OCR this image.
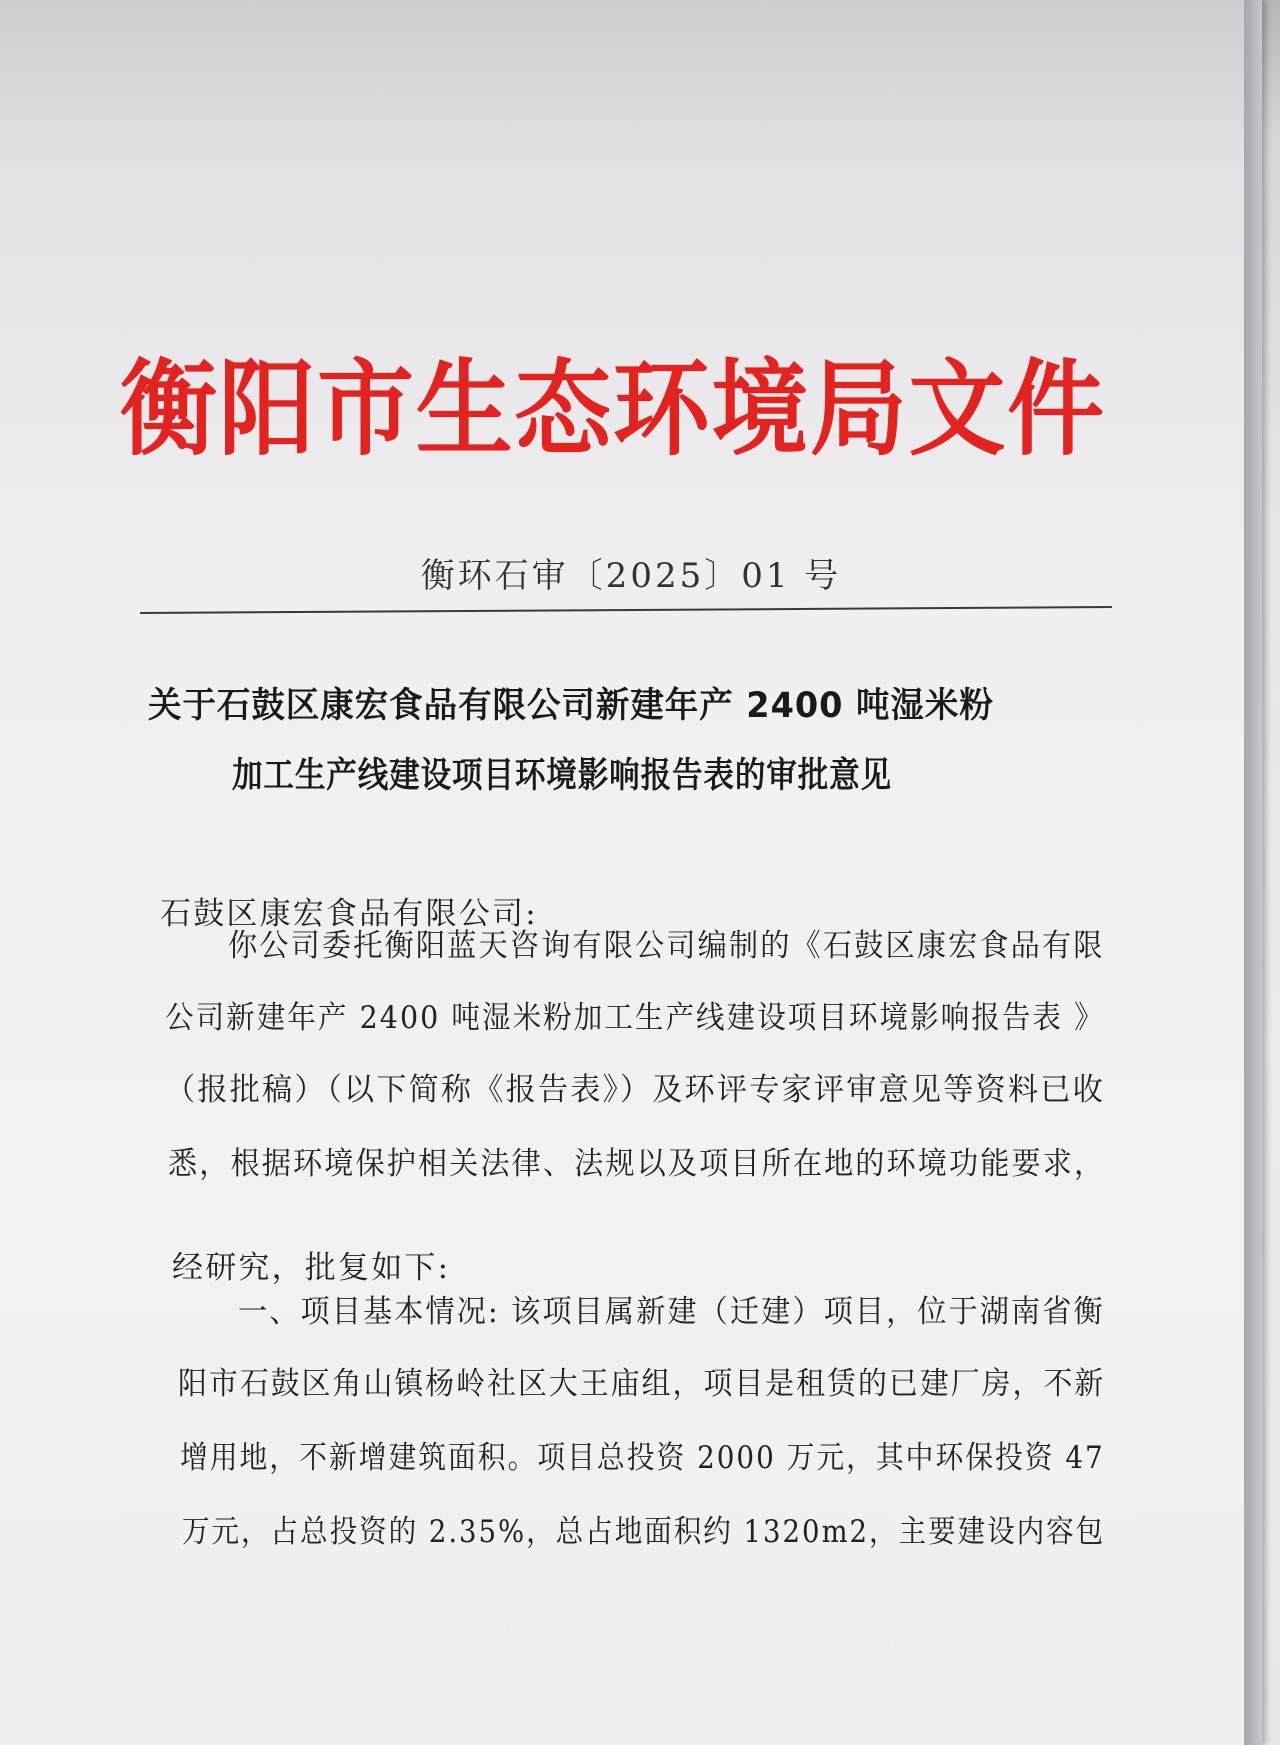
衡阳市生态环境局文件
衡环石审〔2025〕01 号
关于石鼓区康宏食品有限公司新建年产 2400 吨湿米粉
加工生产线建设项目环境影响报告表的审批意见
石鼓区康宏食品有限公司:
你公司委托衡阳蓝天咨询有限公司编制的《石鼓区康宏食品有限
公司新建年产 2400 吨湿米粉加工生产线建设项目环境影响报告表 》
（报批稿）（以下简称《报告表》）及环评专家评审意见等资料已收
悉，根据环境保护相关法律、法规以及项目所在地的环境功能要求，
经研究，批复如下:
一、项目基本情况: 该项目属新建（迁建）项目，位于湖南省衡
阳市石鼓区角山镇杨岭社区大王庙组，项目是租赁的已建厂房，不新
增用地，不新增建筑面积。项目总投资 2000 万元，其中环保投资 47
万元，占总投资的 2.35%，总占地面积约 1320m2，主要建设内容包
